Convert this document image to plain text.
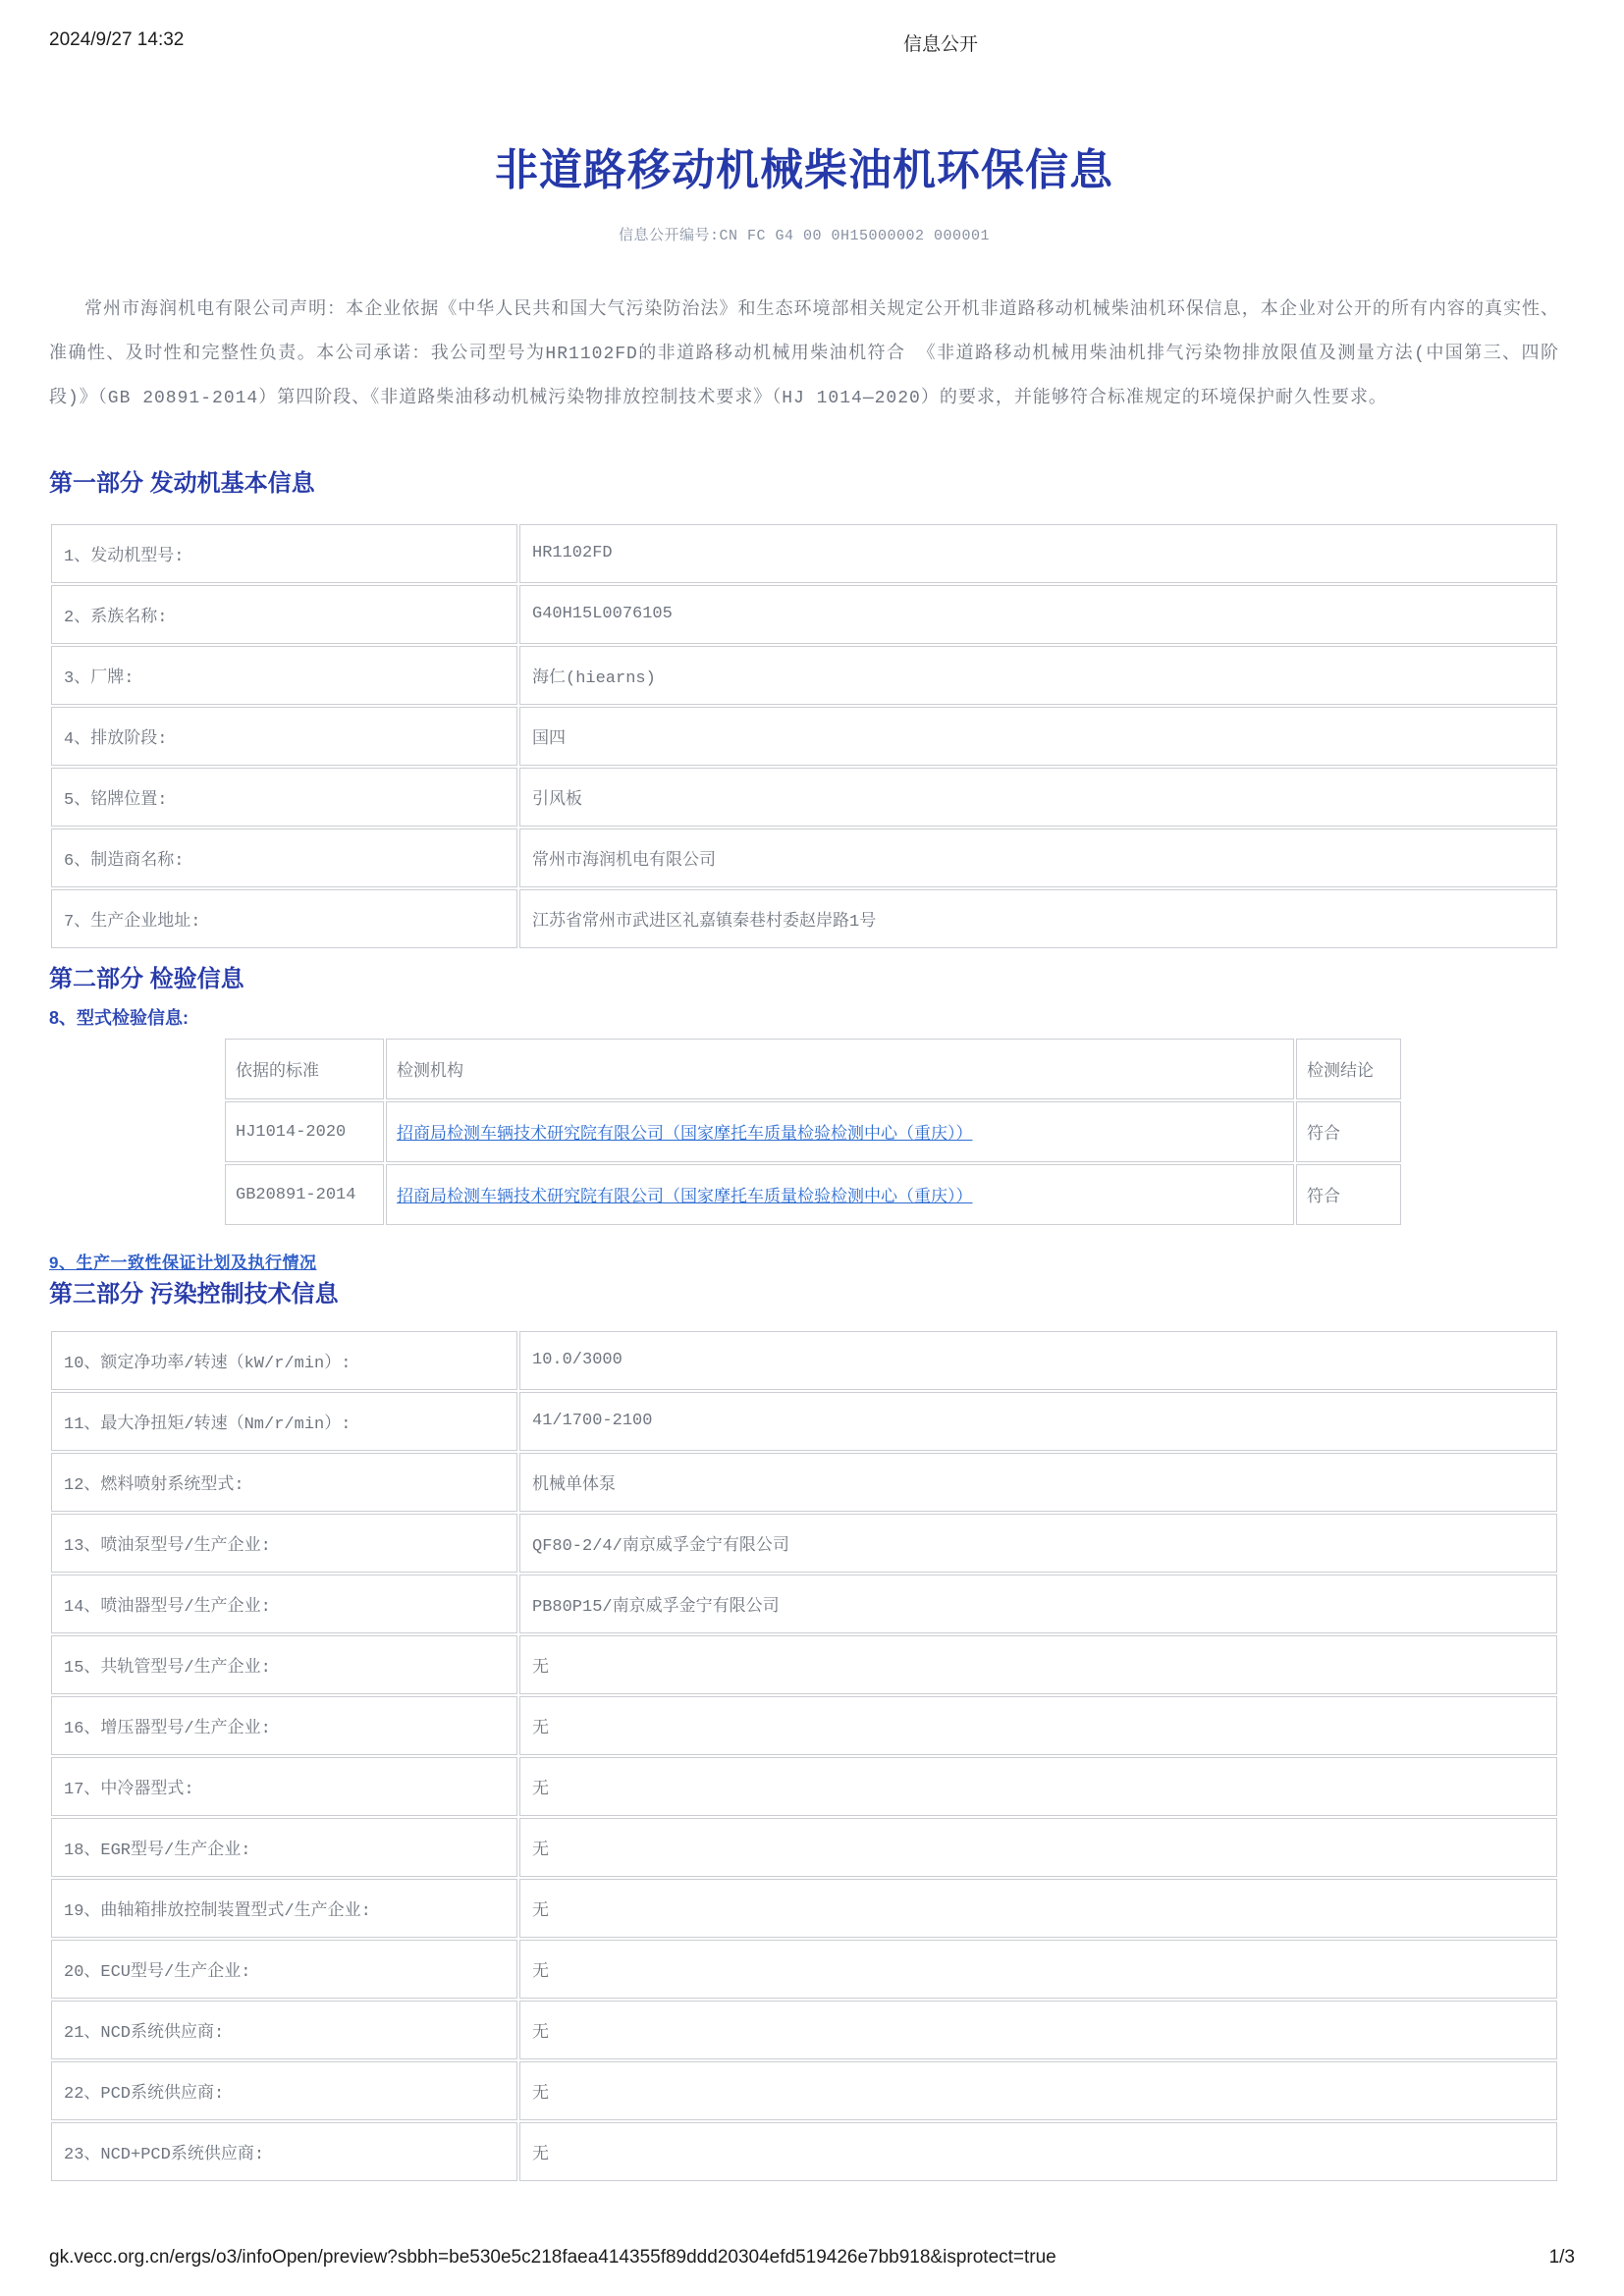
2024/9/27 14:32	信息公开
非道路移动机械柴油机环保信息
信息公开编号:CN FC G4 00 0H15000002 000001

常州市海润机电有限公司声明：本企业依据《中华人民共和国大气污染防治法》和生态环境部相关规定公开机非道路移动机械柴油机环保信息，本企业对公开的所有内容的真实性、准确性、及时性和完整性负责。本公司承诺：我公司型号为HR1102FD的非道路移动机械用柴油机符合 《非道路移动机械用柴油机排气污染物排放限值及测量方法(中国第三、四阶段)》（GB 20891-2014）第四阶段、《非道路柴油移动机械污染物排放控制技术要求》（HJ 1014—2020）的要求，并能够符合标准规定的环境保护耐久性要求。

第一部分 发动机基本信息
1、发动机型号:	HR1102FD
2、系族名称:	G40H15L0076105
3、厂牌:	海仁(hiearns)
4、排放阶段:	国四
5、铭牌位置:	引风板
6、制造商名称:	常州市海润机电有限公司
7、生产企业地址:	江苏省常州市武进区礼嘉镇秦巷村委赵岸路1号
第二部分 检验信息
8、型式检验信息:
依据的标准	检测机构	检测结论
HJ1014-2020	招商局检测车辆技术研究院有限公司（国家摩托车质量检验检测中心（重庆））	符合
GB20891-2014	招商局检测车辆技术研究院有限公司（国家摩托车质量检验检测中心（重庆））	符合
9、生产一致性保证计划及执行情况
第三部分 污染控制技术信息
10、额定净功率/转速（kW/r/min）:	10.0/3000
11、最大净扭矩/转速（Nm/r/min）:	41/1700-2100
12、燃料喷射系统型式:	机械单体泵
13、喷油泵型号/生产企业:	QF80-2/4/南京威孚金宁有限公司
14、喷油器型号/生产企业:	PB80P15/南京威孚金宁有限公司
15、共轨管型号/生产企业:	无
16、增压器型号/生产企业:	无
17、中冷器型式:	无
18、EGR型号/生产企业:	无
19、曲轴箱排放控制装置型式/生产企业:	无
20、ECU型号/生产企业:	无
21、NCD系统供应商:	无
22、PCD系统供应商:	无
23、NCD+PCD系统供应商:	无
gk.vecc.org.cn/ergs/o3/infoOpen/preview?sbbh=be530e5c218faea414355f89ddd20304efd519426e7bb918&isprotect=true	1/3
